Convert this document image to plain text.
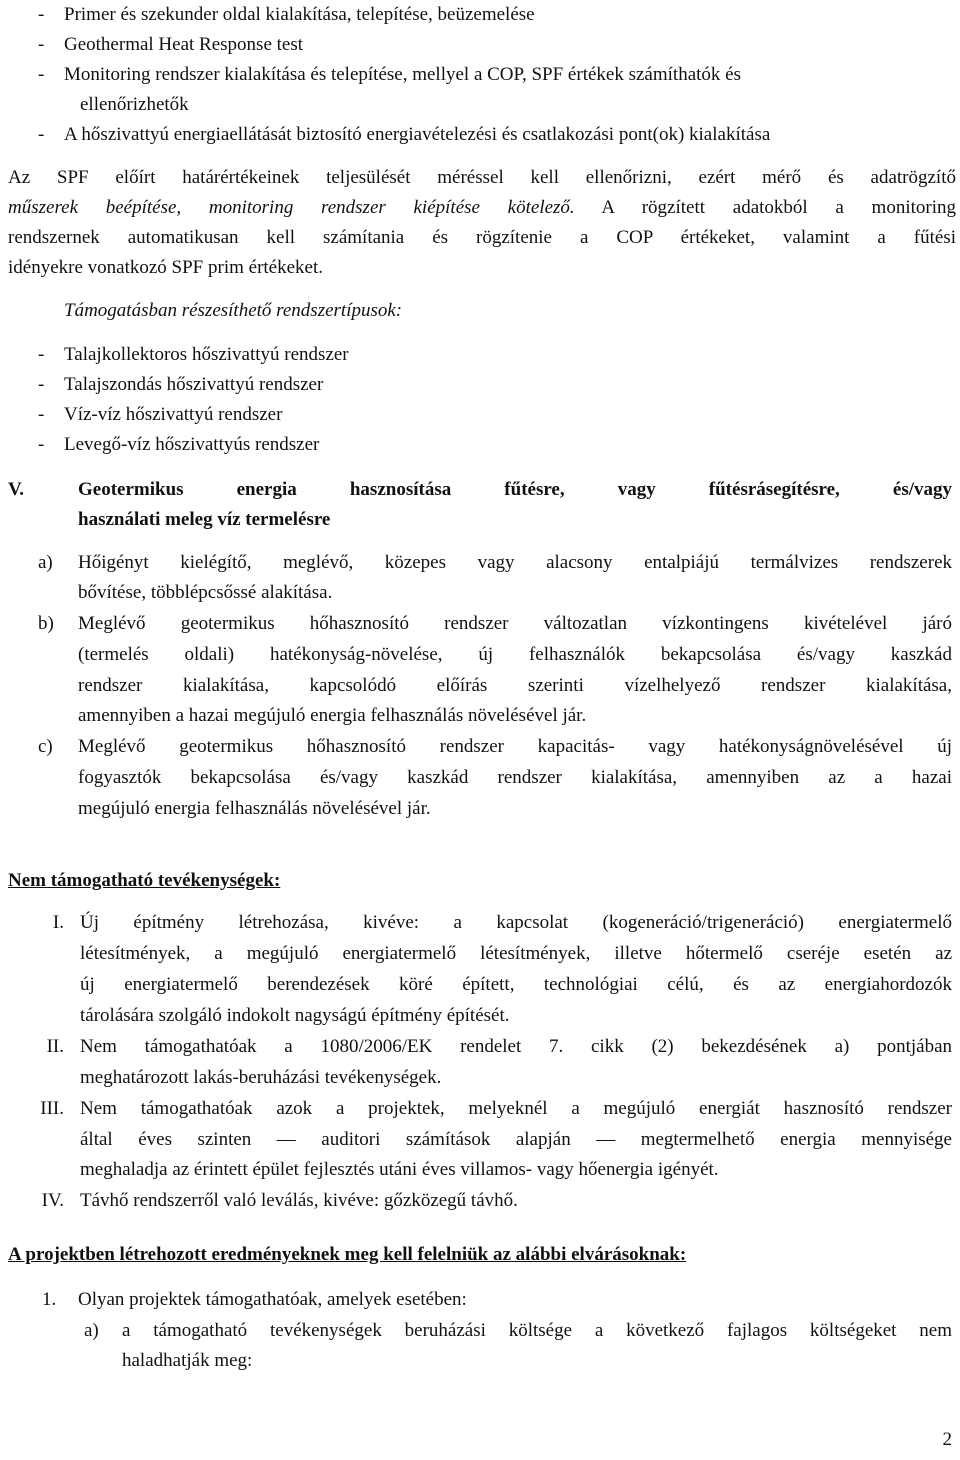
-	Primer és szekunder oldal kialakítása, telepítése, beüzemelése
-	Geothermal Heat Response test
-	Monitoring rendszer kialakítása és telepítése, mellyel a COP, SPF értékek számíthatók és
ellenőrizhetők
-	A hőszivattyú energiaellátását biztosító energiavételezési és csatlakozási pont(ok) kialakítása
Az SPF előírt határértékeinek teljesülését méréssel kell ellenőrizni, ezért mérő és adatrögzítő
műszerek beépítése, monitoring rendszer kiépítése kötelező. A rögzített adatokból a monitoring
rendszernek automatikusan kell számítania és rögzítenie a COP értékeket, valamint a fűtési
idényekre vonatkozó SPF prim értékeket.
Támogatásban részesíthető rendszertípusok:
-	Talajkollektoros hőszivattyú rendszer
-	Talajszondás hőszivattyú rendszer
-	Víz-víz hőszivattyú rendszer
-	Levegő-víz hőszivattyús rendszer
V.	Geotermikus energia hasznosítása fűtésre, vagy fűtésrásegítésre, és/vagy
használati meleg víz termelésre
a)	Hőigényt kielégítő, meglévő, közepes vagy alacsony entalpiájú termálvizes rendszerek
bővítése, többlépcsőssé alakítása.
b)	Meglévő geotermikus hőhasznosító rendszer változatlan vízkontingens kivételével járó
(termelés oldali) hatékonyság-növelése, új felhasználók bekapcsolása és/vagy kaszkád
rendszer kialakítása, kapcsolódó előírás szerinti vízelhelyező rendszer kialakítása,
amennyiben a hazai megújuló energia felhasználás növelésével jár.
c)	Meglévő geotermikus hőhasznosító rendszer kapacitás- vagy hatékonyságnövelésével új
fogyasztók bekapcsolása és/vagy kaszkád rendszer kialakítása, amennyiben az a hazai
megújuló energia felhasználás növelésével jár.
Nem támogatható tevékenységek:
I. Új építmény létrehozása, kivéve: a kapcsolat (kogeneráció/trigeneráció) energiatermelő
létesítmények, a megújuló energiatermelő létesítmények, illetve hőtermelő cseréje esetén az
új energiatermelő berendezések köré épített, technológiai célú, és az energiahordozók
tárolására szolgáló indokolt nagyságú építmény építését.
II. Nem támogathatóak a 1080/2006/EK rendelet 7. cikk (2) bekezdésének a) pontjában
meghatározott lakás-beruházási tevékenységek.
III. Nem támogathatóak azok a projektek, melyeknél a megújuló energiát hasznosító rendszer
által éves szinten — auditori számítások alapján — megtermelhető energia mennyisége
meghaladja az érintett épület fejlesztés utáni éves villamos- vagy hőenergia igényét.
IV. Távhő rendszerről való leválás, kivéve: gőzközegű távhő.
A projektben létrehozott eredményeknek meg kell felelniük az alábbi elvárásoknak:
1.	Olyan projektek támogathatóak, amelyek esetében:
a)	a támogatható tevékenységek beruházási költsége a következő fajlagos költségeket nem
haladhatják meg:
2
